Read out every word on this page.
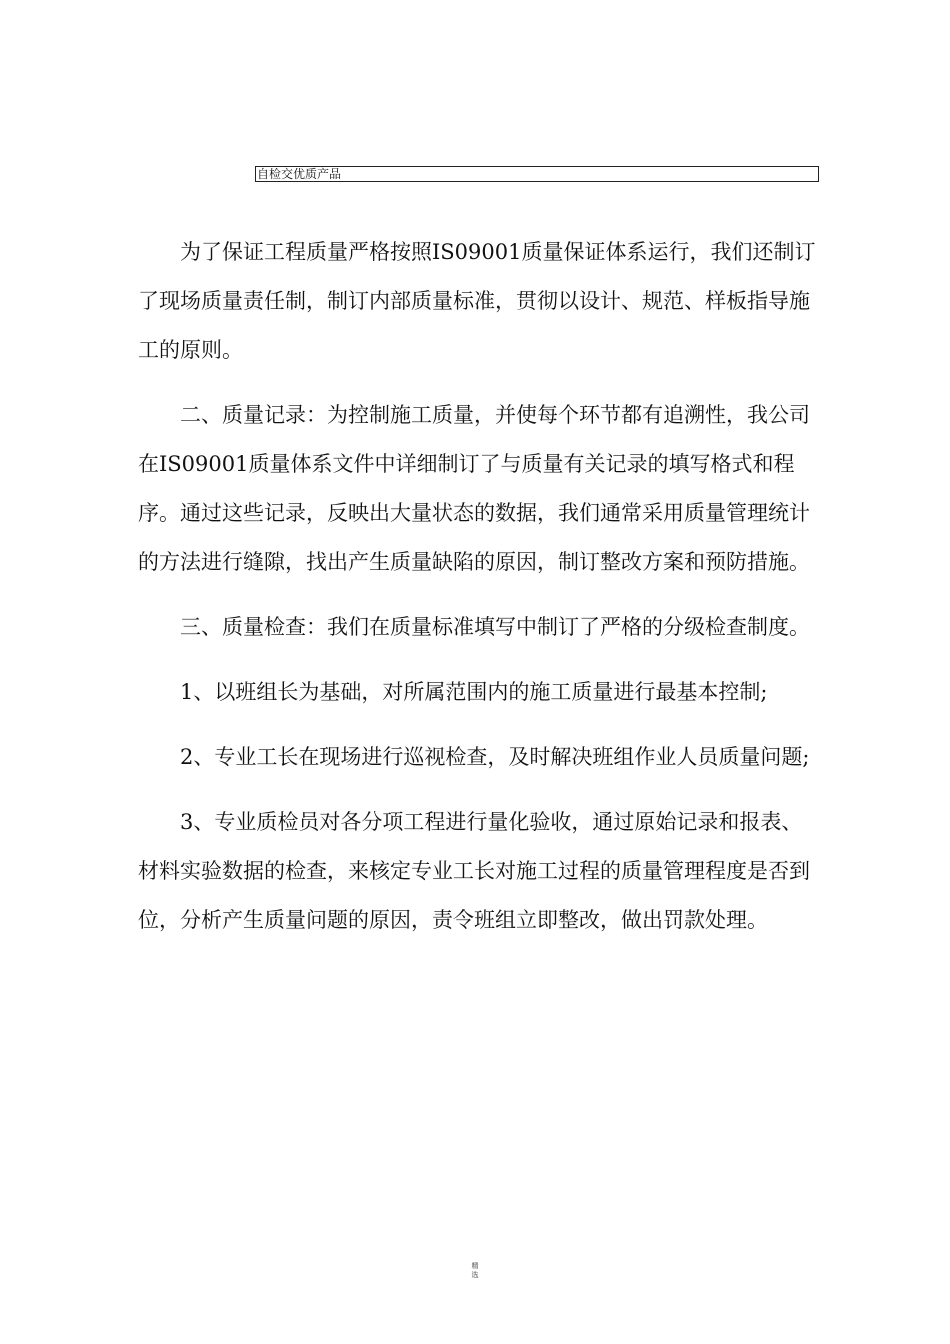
自检交优质产品

为了保证工程质量严格按照IS09001质量保证体系运行，我们还制订了现场质量责任制，制订内部质量标准，贯彻以设计、规范、样板指导施工的原则。

二、质量记录：为控制施工质量，并使每个环节都有追溯性，我公司在IS09001质量体系文件中详细制订了与质量有关记录的填写格式和程序。通过这些记录，反映出大量状态的数据，我们通常采用质量管理统计的方法进行缝隙，找出产生质量缺陷的原因，制订整改方案和预防措施。

三、质量检查：我们在质量标准填写中制订了严格的分级检查制度。

1、以班组长为基础，对所属范围内的施工质量进行最基本控制;

2、专业工长在现场进行巡视检查，及时解决班组作业人员质量问题;

3、专业质检员对各分项工程进行量化验收，通过原始记录和报表、材料实验数据的检查，来核定专业工长对施工过程的质量管理程度是否到位，分析产生质量问题的原因，责令班组立即整改，做出罚款处理。

精
选
